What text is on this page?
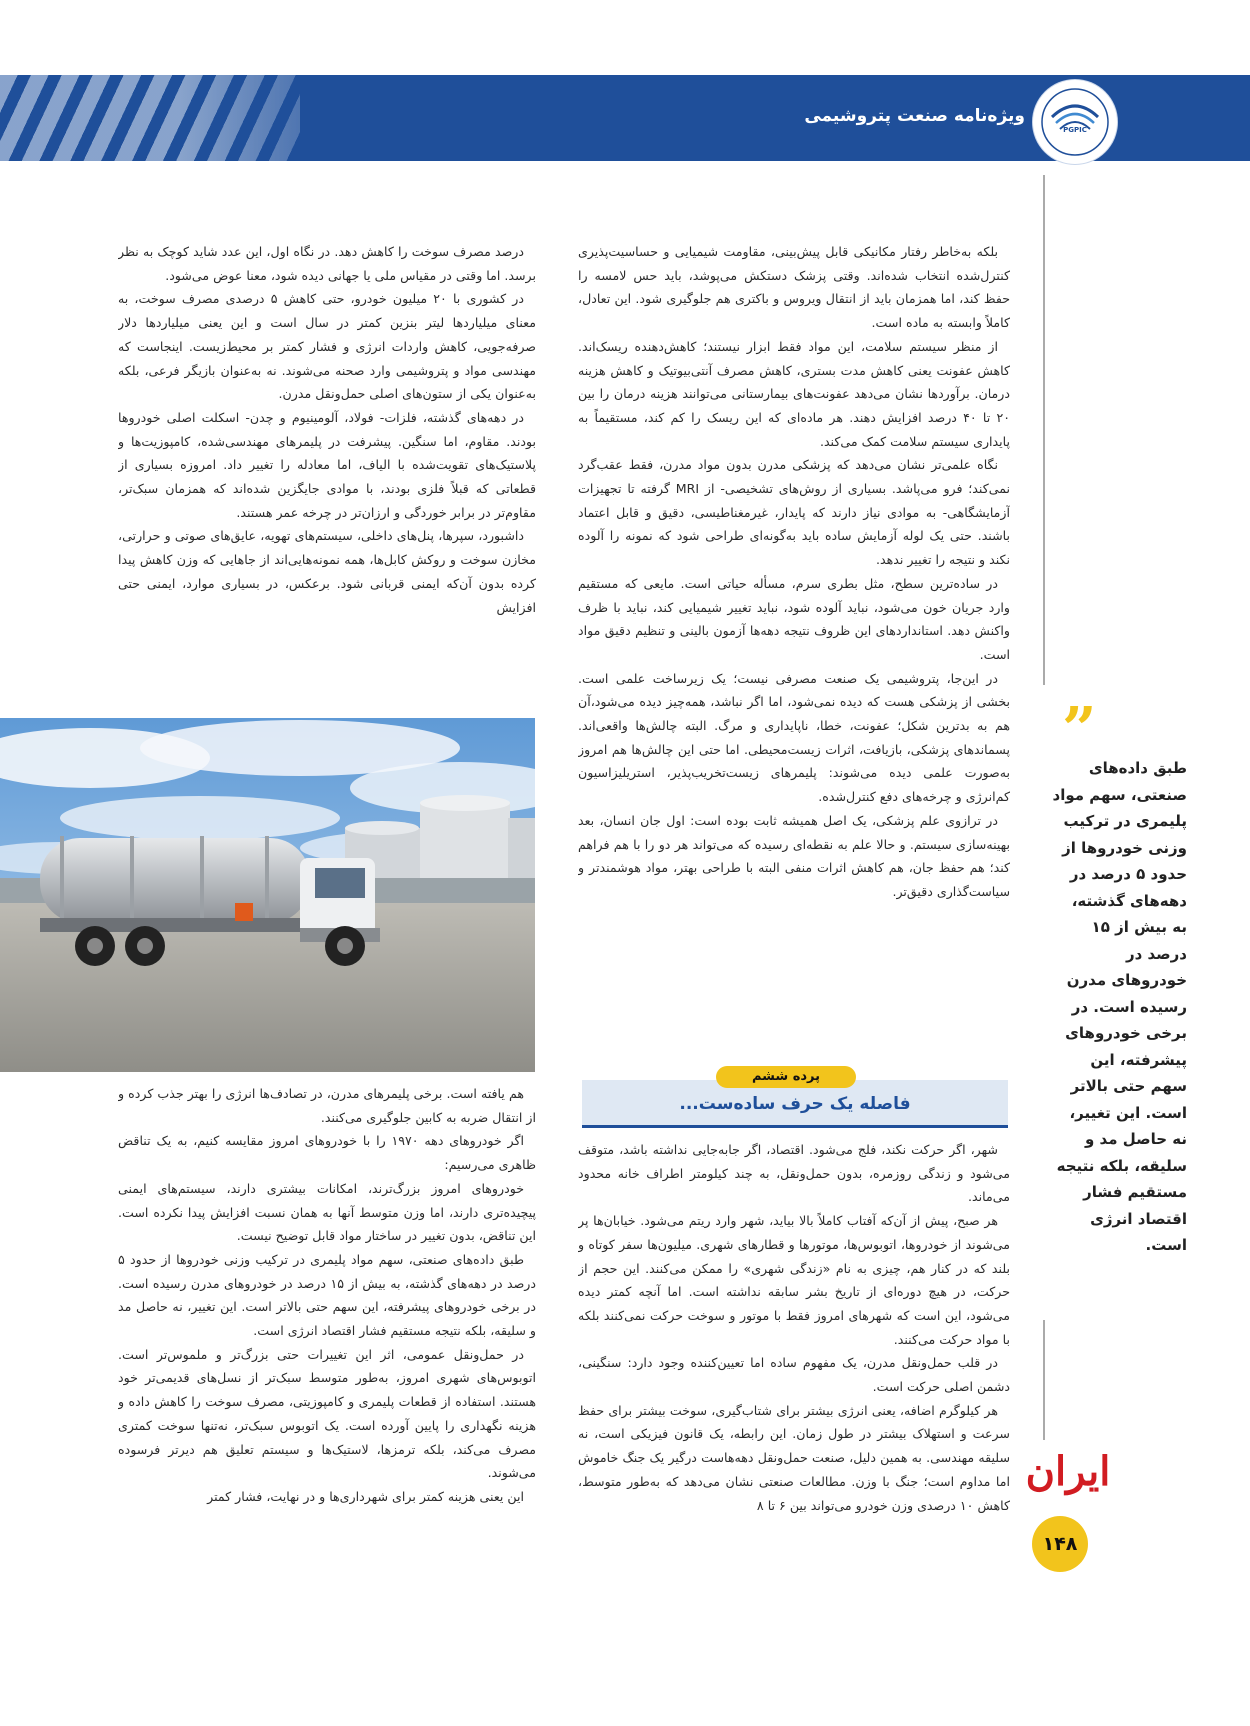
ویژه‌نامه صنعت پتروشیمی
PGPIC
”
طبق داده‌های صنعتی، سهم مواد پلیمری در ترکیب وزنی خودروها از حدود ۵ درصد در دهه‌های گذشته، به بیش از ۱۵ درصد در خودروهای مدرن رسیده است. در برخی خودروهای پیشرفته، این سهم حتی بالاتر است. این تغییر، نه حاصل مد و سلیقه، بلکه نتیجه مستقیم فشار اقتصاد انرژی است.
ایران
۱۴۸

بلکه به‌خاطر رفتار مکانیکی قابل پیش‌بینی، مقاومت شیمیایی و حساسیت‌پذیری کنترل‌شده انتخاب شده‌اند. وقتی پزشک دستکش می‌پوشد، باید حس لامسه را حفظ کند، اما همزمان باید از انتقال ویروس و باکتری هم جلوگیری شود. این تعادل، کاملاً وابسته به ماده است.

از منظر سیستم سلامت، این مواد فقط ابزار نیستند؛ کاهش‌دهنده ریسک‌اند. کاهش عفونت یعنی کاهش مدت بستری، کاهش مصرف آنتی‌بیوتیک و کاهش هزینه درمان. برآوردها نشان می‌دهد عفونت‌های بیمارستانی می‌توانند هزینه درمان را بین ۲۰ تا ۴۰ درصد افزایش دهند. هر ماده‌ای که این ریسک را کم کند، مستقیماً به پایداری سیستم سلامت کمک می‌کند.

نگاه علمی‌تر نشان می‌دهد که پزشکی مدرن بدون مواد مدرن، فقط عقب‌گرد نمی‌کند؛ فرو می‌پاشد. بسیاری از روش‌های تشخیصی- از MRI گرفته تا تجهیزات آزمایشگاهی- به موادی نیاز دارند که پایدار، غیرمغناطیسی، دقیق و قابل اعتماد باشند. حتی یک لوله آزمایش ساده باید به‌گونه‌ای طراحی شود که نمونه را آلوده نکند و نتیجه را تغییر ندهد.

در ساده‌ترین سطح، مثل بطری سرم، مسأله حیاتی است. مایعی که مستقیم وارد جریان خون می‌شود، نباید آلوده شود، نباید تغییر شیمیایی کند، نباید با ظرف واکنش دهد. استانداردهای این ظروف نتیجه دهه‌ها آزمون بالینی و تنظیم دقیق مواد است.

در این‌جا، پتروشیمی یک صنعت مصرفی نیست؛ یک زیرساخت علمی است. بخشی از پزشکی هست که دیده نمی‌شود، اما اگر نباشد، همه‌چیز دیده می‌شود،آن هم به بدترین شکل؛ عفونت، خطا، ناپایداری و مرگ. البته چالش‌ها واقعی‌اند. پسماندهای پزشکی، بازیافت، اثرات زیست‌محیطی. اما حتی این چالش‌ها هم امروز به‌صورت علمی دیده می‌شوند: پلیمرهای زیست‌تخریب‌پذیر، استریلیزاسیون کم‌انرژی و چرخه‌های دفع کنترل‌شده.

در ترازوی علم پزشکی، یک اصل همیشه ثابت بوده است: اول جان انسان، بعد بهینه‌سازی سیستم. و حالا علم به نقطه‌ای رسیده که می‌تواند هر دو را با هم فراهم کند؛ هم حفظ جان، هم کاهش اثرات منفی البته با طراحی بهتر، مواد هوشمندتر و سیاست‌گذاری دقیق‌تر.

پرده ششم
فاصله یک حرف ساده‌ست...

شهر، اگر حرکت نکند، فلج می‌شود. اقتصاد، اگر جابه‌جایی نداشته باشد، متوقف می‌شود و زندگی روزمره، بدون حمل‌ونقل، به چند کیلومتر اطراف خانه محدود می‌ماند.

هر صبح، پیش از آن‌که آفتاب کاملاً بالا بیاید، شهر وارد ریتم می‌شود. خیابان‌ها پر می‌شوند از خودروها، اتوبوس‌ها، موتورها و قطارهای شهری. میلیون‌ها سفر کوتاه و بلند که در کنار هم، چیزی به نام «زندگی شهری» را ممکن می‌کنند. این حجم از حرکت، در هیچ دوره‌ای از تاریخ بشر سابقه نداشته است. اما آنچه کمتر دیده می‌شود، این است که شهرهای امروز فقط با موتور و سوخت حرکت نمی‌کنند بلکه با مواد حرکت می‌کنند.

در قلب حمل‌ونقل مدرن، یک مفهوم ساده اما تعیین‌کننده وجود دارد: سنگینی، دشمن اصلی حرکت است.

هر کیلوگرم اضافه، یعنی انرژی بیشتر برای شتاب‌گیری، سوخت بیشتر برای حفظ سرعت و استهلاک بیشتر در طول زمان. این رابطه، یک قانون فیزیکی است، نه سلیقه مهندسی. به همین دلیل، صنعت حمل‌ونقل دهه‌هاست درگیر یک جنگ خاموش اما مداوم است؛ جنگ با وزن. مطالعات صنعتی نشان می‌دهد که به‌طور متوسط، کاهش ۱۰ درصدی وزن خودرو می‌تواند بین ۶ تا ۸

درصد مصرف سوخت را کاهش دهد. در نگاه اول، این عدد شاید کوچک به نظر برسد. اما وقتی در مقیاس ملی یا جهانی دیده شود، معنا عوض می‌شود.

در کشوری با ۲۰ میلیون خودرو، حتی کاهش ۵ درصدی مصرف سوخت، به معنای میلیاردها لیتر بنزین کمتر در سال است و این یعنی میلیاردها دلار صرفه‌جویی، کاهش واردات انرژی و فشار کمتر بر محیط‌زیست. اینجاست که مهندسی مواد و پتروشیمی وارد صحنه می‌شوند. نه به‌عنوان بازیگر فرعی، بلکه به‌عنوان یکی از ستون‌های اصلی حمل‌ونقل مدرن.

در دهه‌های گذشته، فلزات- فولاد، آلومینیوم و چدن- اسکلت اصلی خودروها بودند. مقاوم، اما سنگین. پیشرفت در پلیمرهای مهندسی‌شده، کامپوزیت‌ها و پلاستیک‌های تقویت‌شده با الیاف، اما معادله را تغییر داد. امروزه بسیاری از قطعاتی که قبلاً فلزی بودند، با موادی جایگزین شده‌اند که همزمان سبک‌تر، مقاوم‌تر در برابر خوردگی و ارزان‌تر در چرخه عمر هستند.

داشبورد، سپرها، پنل‌های داخلی، سیستم‌های تهویه، عایق‌های صوتی و حرارتی، مخازن سوخت و روکش کابل‌ها، همه نمونه‌هایی‌اند از جاهایی که وزن کاهش پیدا کرده بدون آن‌که ایمنی قربانی شود. برعکس، در بسیاری موارد، ایمنی حتی افزایش

هم یافته است. برخی پلیمرهای مدرن، در تصادف‌ها انرژی را بهتر جذب کرده و از انتقال ضربه به کابین جلوگیری می‌کنند.

اگر خودروهای دهه ۱۹۷۰ را با خودروهای امروز مقایسه کنیم، به یک تناقض ظاهری می‌رسیم:

خودروهای امروز بزرگ‌ترند، امکانات بیشتری دارند، سیستم‌های ایمنی پیچیده‌تری دارند، اما وزن متوسط آنها به همان نسبت افزایش پیدا نکرده است. این تناقض، بدون تغییر در ساختار مواد قابل توضیح نیست.

طبق داده‌های صنعتی، سهم مواد پلیمری در ترکیب وزنی خودروها از حدود ۵ درصد در دهه‌های گذشته، به بیش از ۱۵ درصد در خودروهای مدرن رسیده است. در برخی خودروهای پیشرفته، این سهم حتی بالاتر است. این تغییر، نه حاصل مد و سلیقه، بلکه نتیجه مستقیم فشار اقتصاد انرژی است.

در حمل‌ونقل عمومی، اثر این تغییرات حتی بزرگ‌تر و ملموس‌تر است. اتوبوس‌های شهری امروز، به‌طور متوسط سبک‌تر از نسل‌های قدیمی‌تر خود هستند. استفاده از قطعات پلیمری و کامپوزیتی، مصرف سوخت را کاهش داده و هزینه نگهداری را پایین آورده است. یک اتوبوس سبک‌تر، نه‌تنها سوخت کمتری مصرف می‌کند، بلکه ترمزها، لاستیک‌ها و سیستم تعلیق هم دیرتر فرسوده می‌شوند.

این یعنی هزینه کمتر برای شهرداری‌ها و در نهایت، فشار کمتر
